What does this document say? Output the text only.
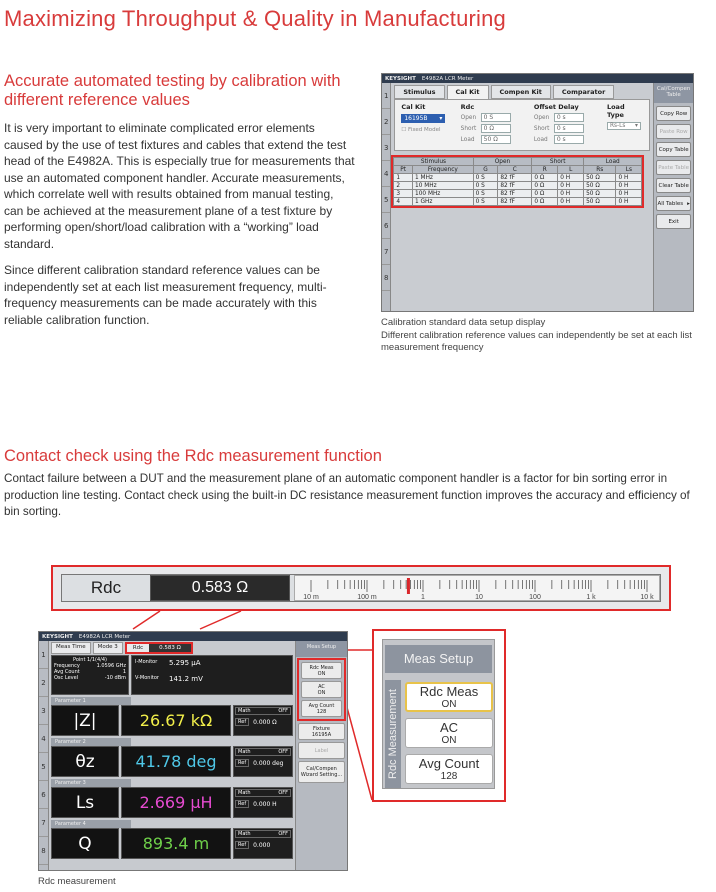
Maximizing Throughput & Quality in Manufacturing
Accurate automated testing by calibration with
different reference values
It is very important to eliminate complicated error elements
caused by the use of test fixtures and cables that extend the test
head of the E4982A. This is especially true for measurements that
use an automated component handler. Accurate measurements,
which correlate well with results obtained from manual testing,
can be achieved at the measurement plane of a test fixture by
performing open/short/load calibration with a “working” load
standard.
Since different calibration standard reference values can be
independently set at each list measurement frequency, multi-
frequency measurements can be made accurately with this
reliable calibration function.
KEYSIGHT E4982A LCR Meter
1
2
3
4
5
6
7
8
Stimulus	Cal Kit	Compen Kit	Comparator
Cal Kit
16195B ▾
☐ Fixed Model
Rdc
Open 0 S
Short 0 Ω
Load 50 Ω
Offset Delay
Open 0 s
Short 0 s
Load 0 s
Load Type
Rs-Ls ▾
Stimulus		Open		Short		Load	
Pt	Frequency	G	C	R	L	Rs	Ls
1	1 MHz	0 S	82 fF	0 Ω	0 H	50 Ω	0 H
2	10 MHz	0 S	82 fF	0 Ω	0 H	50 Ω	0 H
3	100 MHz	0 S	82 fF	0 Ω	0 H	50 Ω	0 H
4	1 GHz	0 S	82 fF	0 Ω	0 H	50 Ω	0 H
Cal/Compen Table
Copy Row
Paste Row
Copy Table
Paste Table
Clear Table
All Tables ▸
Exit
Calibration standard data setup display
Different calibration reference values can independently be set at each list
measurement frequency
Contact check using the Rdc measurement function
Contact failure between a DUT and the measurement plane of an automatic component handler is a factor for bin sorting error in
production line testing. Contact check using the built-in DC resistance measurement function improves the accuracy and efficiency of
bin sorting.
Rdc	0.583 Ω
10 m	100 m	1	10	100	1 k	10 k
KEYSIGHT E4982A LCR Meter
1
2
3
4
5
6
7
8
Meas Time	Mode 3	Rdc	0.583 Ω
Point 1/1(4/4)
Frequency	1.0596 GHz
Avg Count	1
Osc Level	-10 dBm
I-Monitor	5.295 μA
V-Monitor 141.2 mV
Parameter 1
|Z|	26.67 kΩ	Math	OFF
Ref	0.000 Ω
Parameter 2
θz	41.78 deg	Math	OFF
Ref	0.000 deg
Parameter 3
Ls	2.669 μH	Math	OFF
Ref	0.000 H
Parameter 4
Q	893.4 m	Math	OFF
Ref	0.000
Meas Setup
Rdc Meas
ON
AC
ON
Avg Count
128
Fixture
16195A
Label
Cal/Compen Wizard Setting...
Meas Setup
Rdc Measurement Rdc Meas
ON
AC
ON
Avg Count
128
Rdc measurement
